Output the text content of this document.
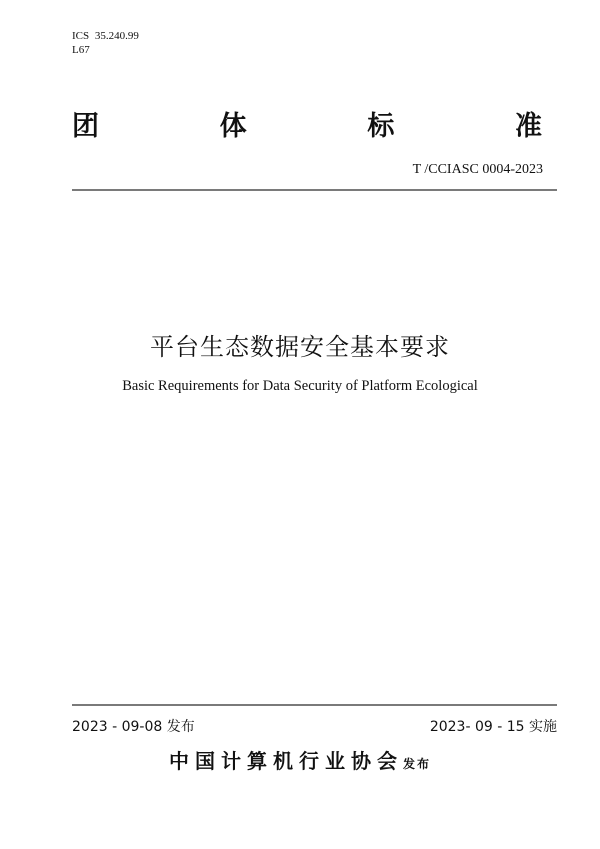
ICS 35.240.99
L67
团	体	标	准
T /CCIASC 0004-2023
平台生态数据安全基本要求
Basic Requirements for Data Security of Platform Ecological
2023 - 09-08 发布	2023- 09 - 15 实施
中国计算机行业协会发布
